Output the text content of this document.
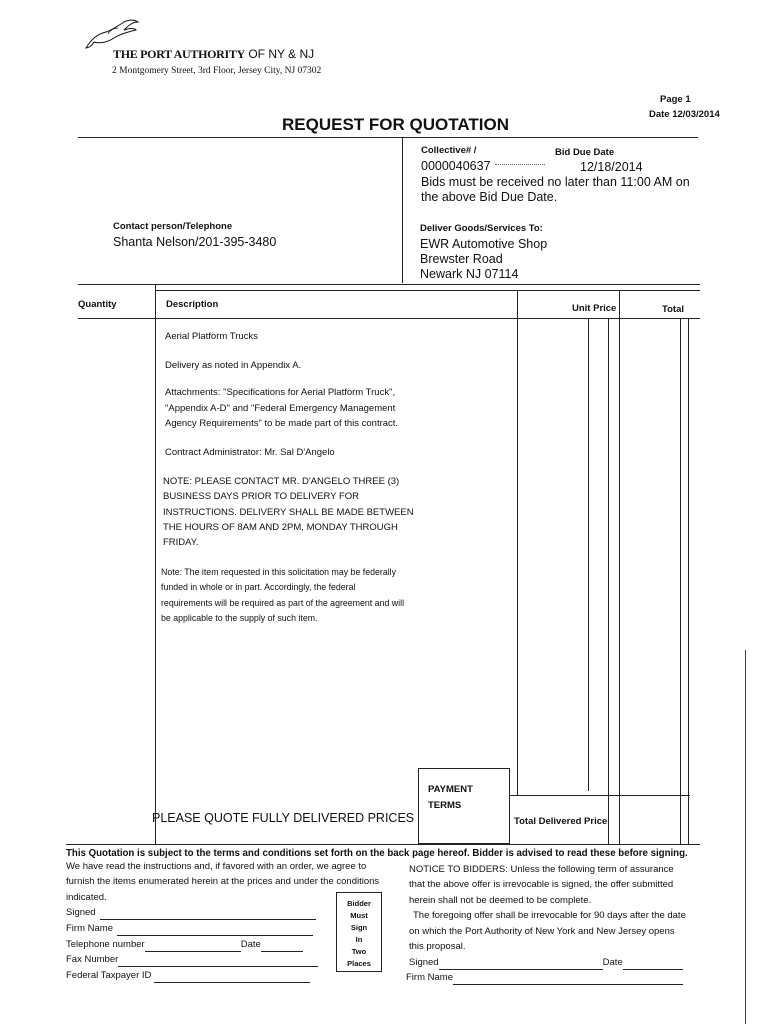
THE PORT AUTHORITY OF NY & NJ
2 Montgomery Street, 3rd Floor, Jersey City, NJ 07302
Page 1
Date 12/03/2014
REQUEST FOR QUOTATION
Collective# /	Bid Due Date
0000040637	12/18/2014
Bids must be received no later than 11:00 AM on
the above Bid Due Date.
Contact person/Telephone
Shanta Nelson/201-395-3480
Deliver Goods/Services To:
EWR Automotive Shop
Brewster Road
Newark NJ 07114
Quantity	Description	Unit Price	Total

Aerial Platform Trucks

Delivery as noted in Appendix A.

Attachments: "Specifications for Aerial Platform Truck",
"Appendix A-D" and "Federal Emergency Management
Agency Requirements" to be made part of this contract.

Contract Administrator: Mr. Sal D'Angelo

NOTE: PLEASE CONTACT MR. D'ANGELO THREE (3)
BUSINESS DAYS PRIOR TO DELIVERY FOR
INSTRUCTIONS. DELIVERY SHALL BE MADE BETWEEN
THE HOURS OF 8AM AND 2PM, MONDAY THROUGH
FRIDAY.
Note: The item requested in this solicitation may be federally
funded in whole or in part. Accordingly, the federal
requirements will be required as part of the agreement and will
be applicable to the supply of such item.
PAYMENT
TERMS
PLEASE QUOTE FULLY DELIVERED PRICES	Total Delivered Price
This Quotation is subject to the terms and conditions set forth on the back page hereof. Bidder is advised to read these before signing.
We have read the instructions and, if favored with an order, we agree to
furnish the items enumerated herein at the prices and under the conditions
indicated.
Signed
Firm Name
Telephone number	Date
Fax Number
Federal Taxpayer ID
Bidder
Must
Sign
In
Two
Places
NOTICE TO BIDDERS: Unless the following term of assurance
that the above offer is irrevocable is signed, the offer submitted
herein shall not be deemed to be complete.
The foregoing offer shall be irrevocable for 90 days after the date
on which the Port Authority of New York and New Jersey opens
this proposal.
Signed	Date
Firm Name
